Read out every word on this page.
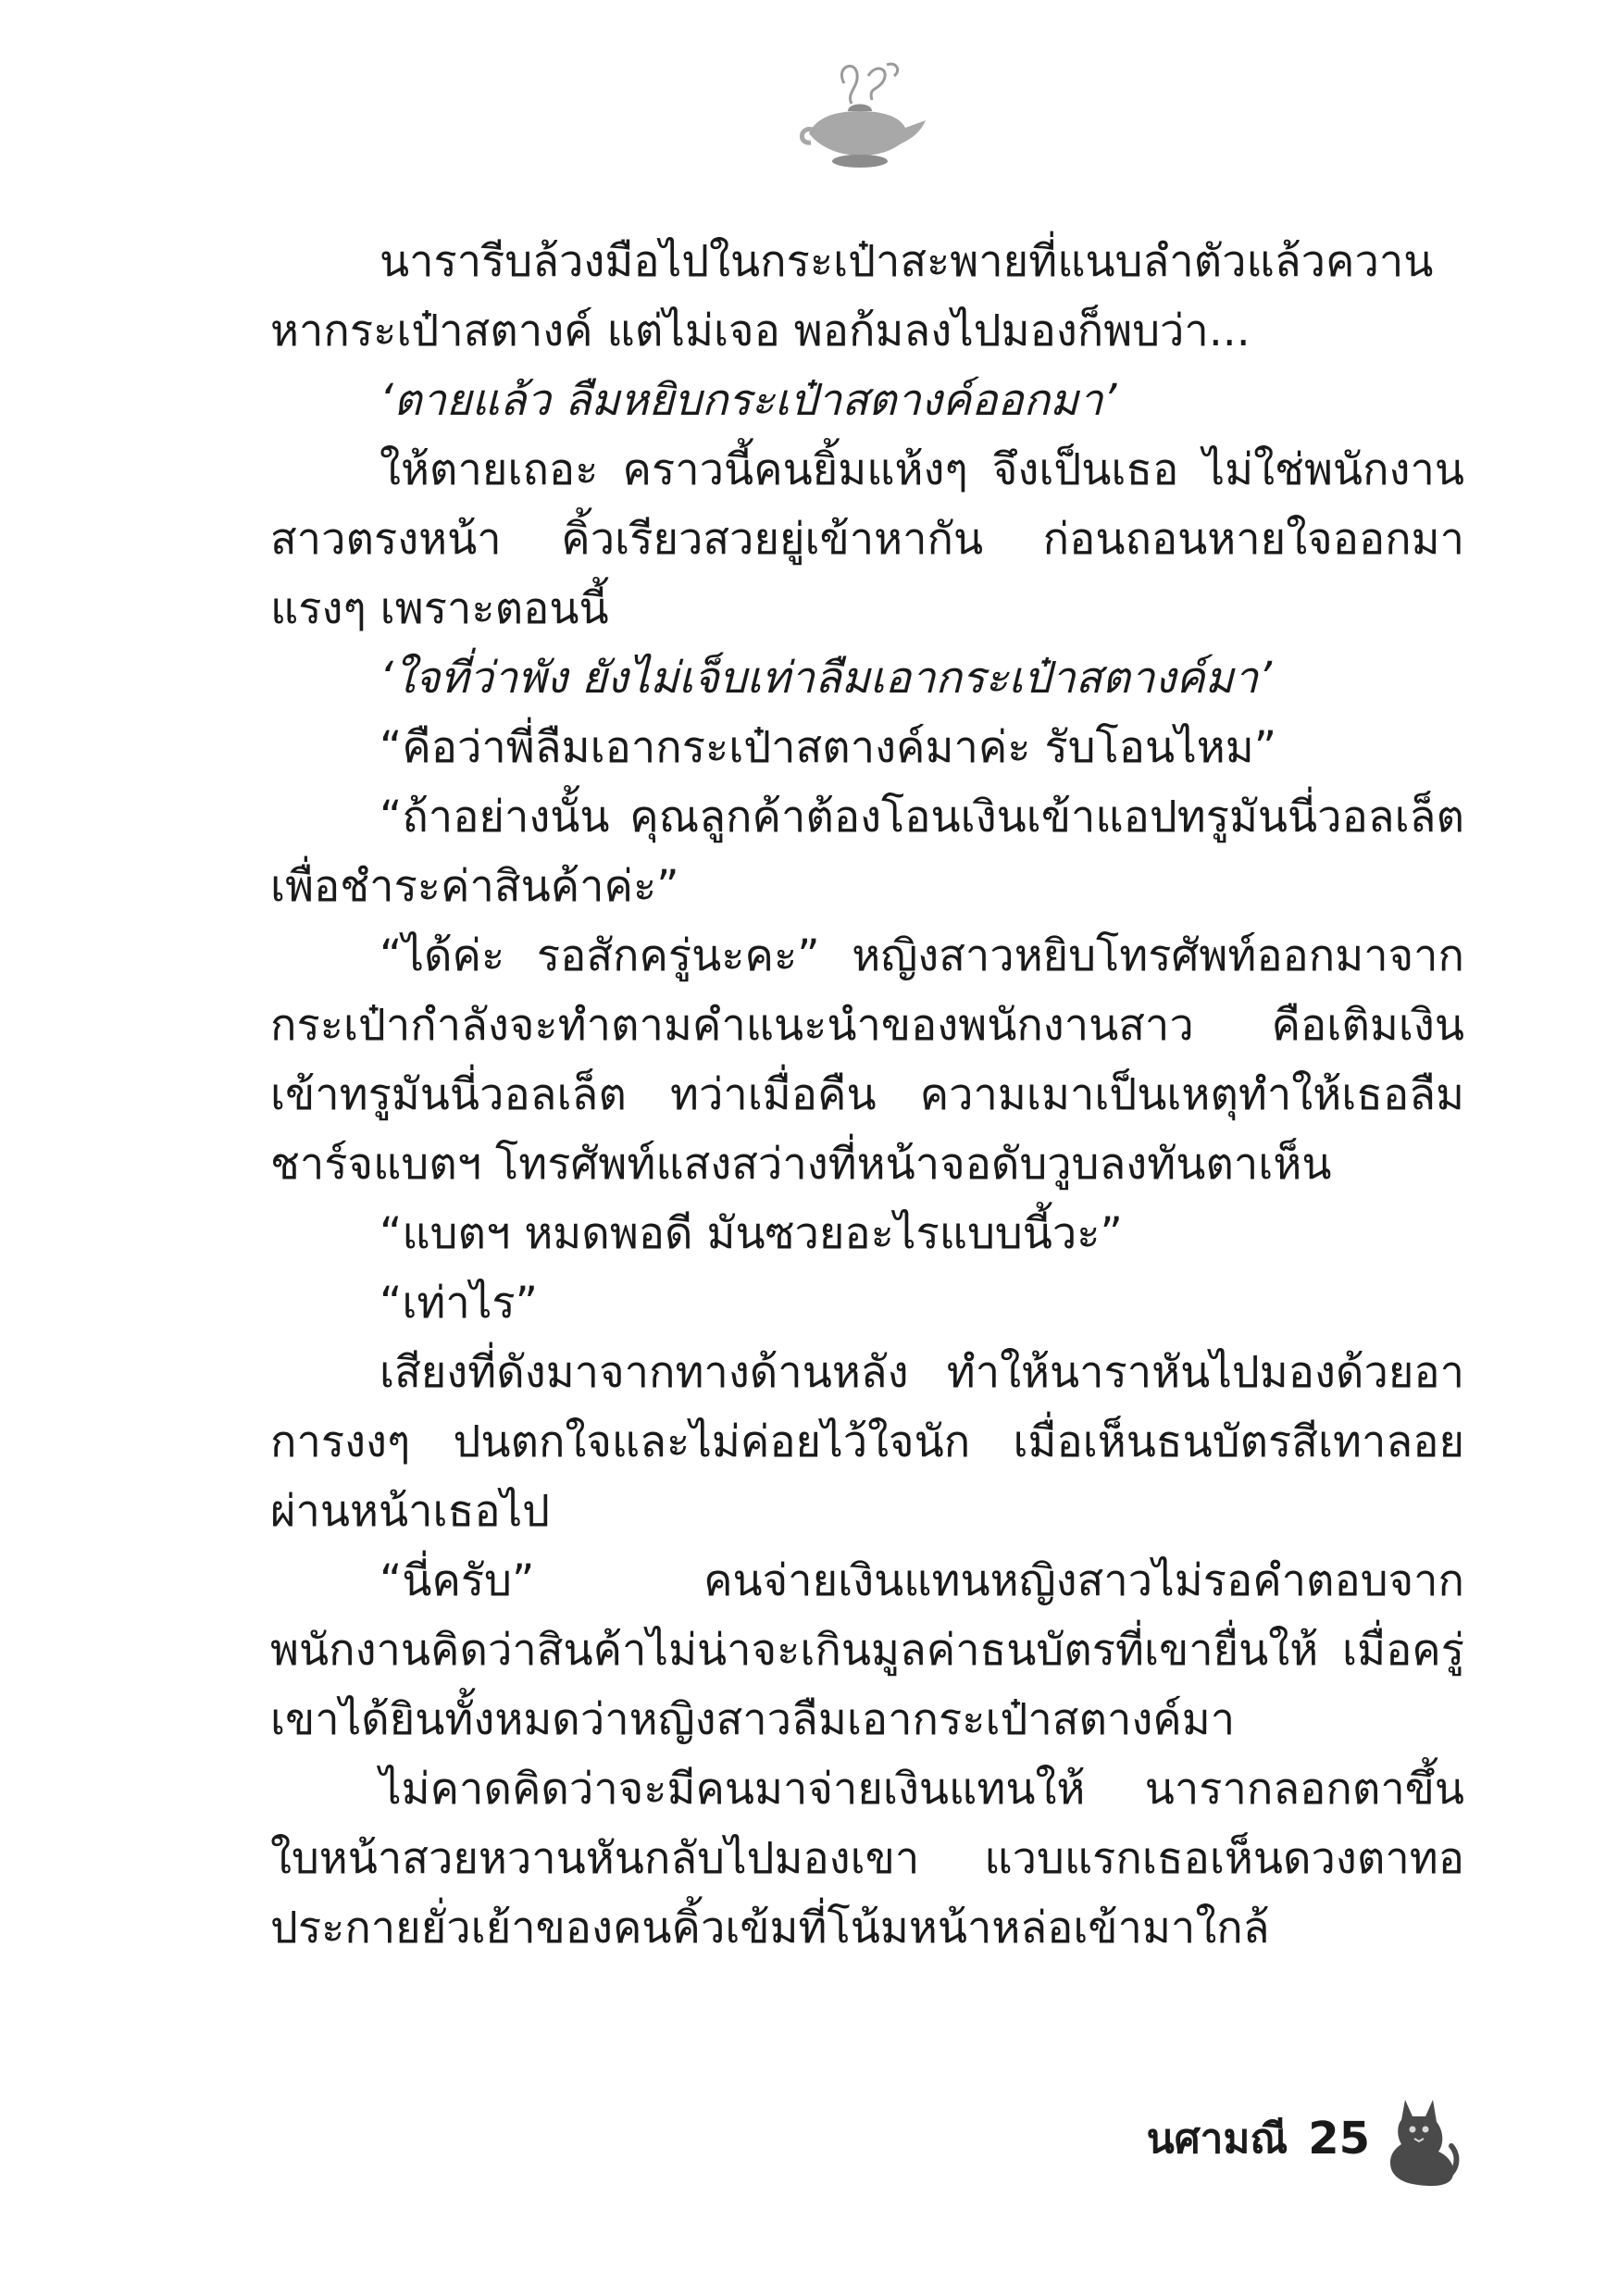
นารารีบล้วงมือไปในกระเป๋าสะพายที่แนบลำตัวแล้วควานหากระเป๋าสตางค์ แต่ไม่เจอ พอก้มลงไปมองก็พบว่า...

‘ตายแล้ว ลืมหยิบกระเป๋าสตางค์ออกมา’

ให้ตายเถอะ คราวนี้คนยิ้มแห้งๆ จึงเป็นเธอ ไม่ใช่พนักงานสาวตรงหน้า คิ้วเรียวสวยยู่เข้าหากัน ก่อนถอนหายใจออกมาแรงๆ เพราะตอนนี้

‘ใจที่ว่าพัง ยังไม่เจ็บเท่าลืมเอากระเป๋าสตางค์มา’

“คือว่าพี่ลืมเอากระเป๋าสตางค์มาค่ะ รับโอนไหม”

“ถ้าอย่างนั้น คุณลูกค้าต้องโอนเงินเข้าแอปทรูมันนี่วอลเล็ตเพื่อชำระค่าสินค้าค่ะ”

“ได้ค่ะ รอสักครู่นะคะ” หญิงสาวหยิบโทรศัพท์ออกมาจากกระเป๋ากำลังจะทำตามคำแนะนำของพนักงานสาว คือเติมเงินเข้าทรูมันนี่วอลเล็ต ทว่าเมื่อคืน ความเมาเป็นเหตุทำให้เธอลืมชาร์จแบตฯ โทรศัพท์แสงสว่างที่หน้าจอดับวูบลงทันตาเห็น

“แบตฯ หมดพอดี มันซวยอะไรแบบนี้วะ”

“เท่าไร”

เสียงที่ดังมาจากทางด้านหลัง ทำให้นาราหันไปมองด้วยอาการงงๆ ปนตกใจและไม่ค่อยไว้ใจนัก เมื่อเห็นธนบัตรสีเทาลอยผ่านหน้าเธอไป

“นี่ครับ” คนจ่ายเงินแทนหญิงสาวไม่รอคำตอบจากพนักงานคิดว่าสินค้าไม่น่าจะเกินมูลค่าธนบัตรที่เขายื่นให้ เมื่อครู่ เขาได้ยินทั้งหมดว่าหญิงสาวลืมเอากระเป๋าสตางค์มา

ไม่คาดคิดว่าจะมีคนมาจ่ายเงินแทนให้ นารากลอกตาขึ้น ใบหน้าสวยหวานหันกลับไปมองเขา แวบแรกเธอเห็นดวงตาทอประกายยั่วเย้าของคนคิ้วเข้มที่โน้มหน้าหล่อเข้ามาใกล้

นศามณี 25
